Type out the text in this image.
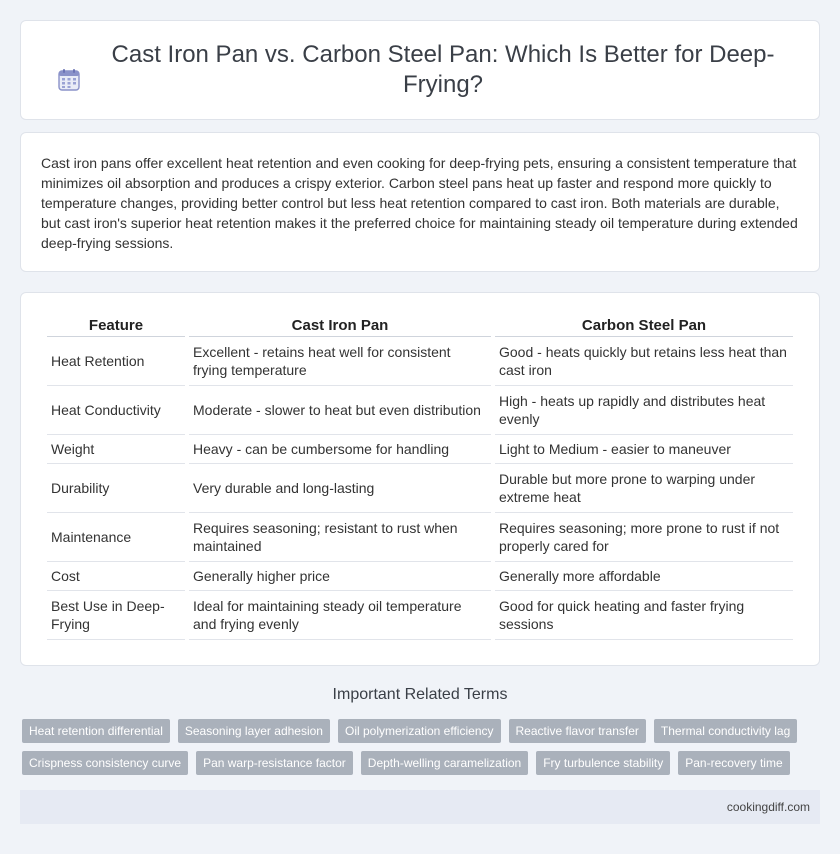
Cast Iron Pan vs. Carbon Steel Pan: Which Is Better for Deep-Frying?

Cast iron pans offer excellent heat retention and even cooking for deep-frying pets, ensuring a consistent temperature that minimizes oil absorption and produces a crispy exterior. Carbon steel pans heat up faster and respond more quickly to temperature changes, providing better control but less heat retention compared to cast iron. Both materials are durable, but cast iron's superior heat retention makes it the preferred choice for maintaining steady oil temperature during extended deep-frying sessions.

Feature	Cast Iron Pan	Carbon Steel Pan
Heat Retention	Excellent - retains heat well for consistent frying temperature	Good - heats quickly but retains less heat than cast iron
Heat Conductivity	Moderate - slower to heat but even distribution	High - heats up rapidly and distributes heat evenly
Weight	Heavy - can be cumbersome for handling	Light to Medium - easier to maneuver
Durability	Very durable and long-lasting	Durable but more prone to warping under extreme heat
Maintenance	Requires seasoning; resistant to rust when maintained	Requires seasoning; more prone to rust if not properly cared for
Cost	Generally higher price	Generally more affordable
Best Use in Deep-Frying	Ideal for maintaining steady oil temperature and frying evenly	Good for quick heating and faster frying sessions
Important Related Terms
Heat retention differential	Seasoning layer adhesion	Oil polymerization efficiency	Reactive flavor transfer	Thermal conductivity lag
Crispness consistency curve	Pan warp-resistance factor	Depth-welling caramelization	Fry turbulence stability	Pan-recovery time
cookingdiff.com
